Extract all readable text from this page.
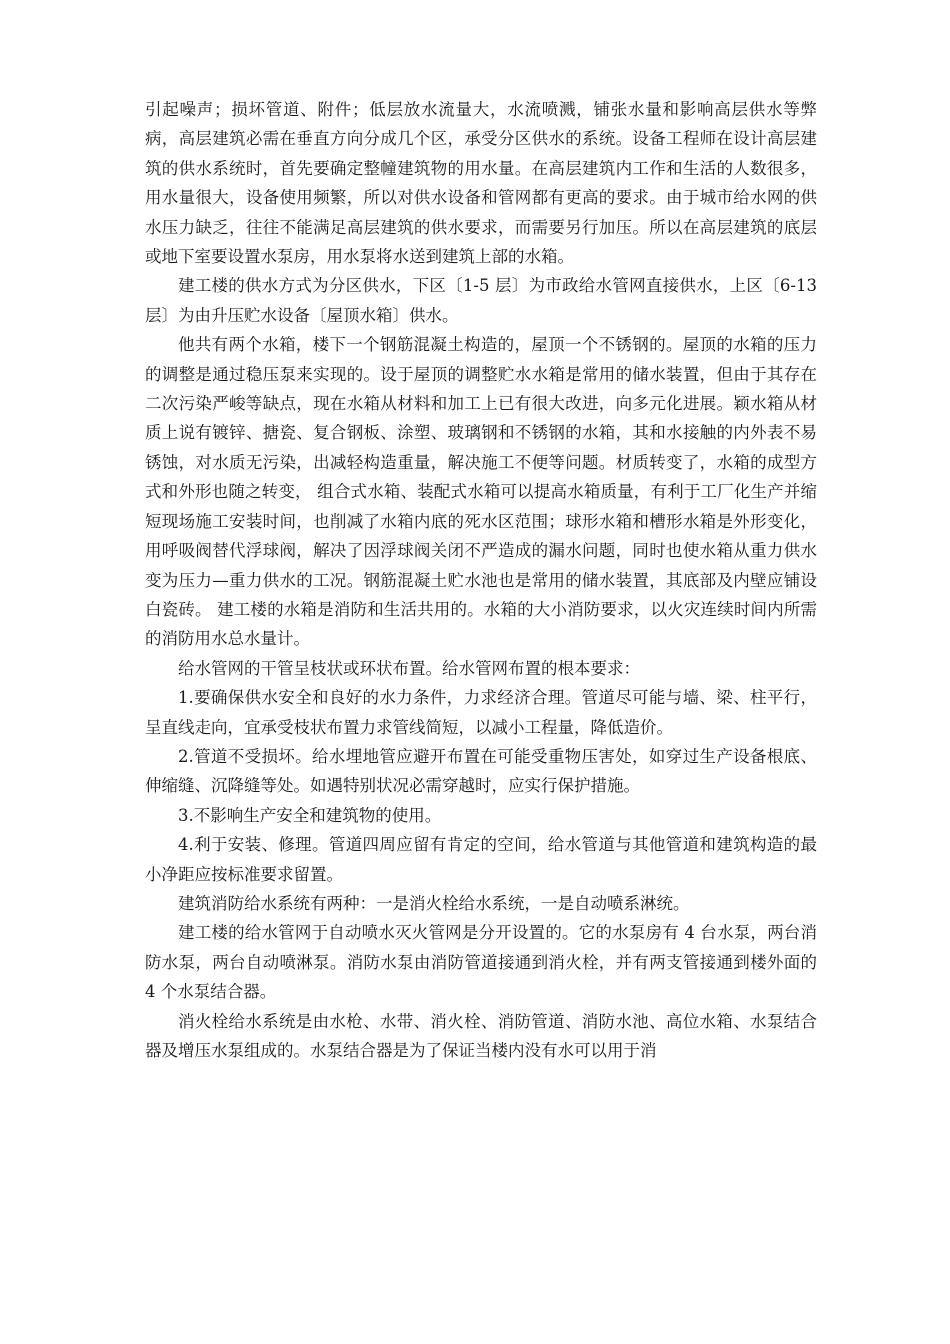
引起噪声；损坏管道、附件；低层放水流量大，水流喷溅，铺张水量和影响高层供水等弊病，高层建筑必需在垂直方向分成几个区，承受分区供水的系统。设备工程师在设计高层建筑的供水系统时，首先要确定整幢建筑物的用水量。在高层建筑内工作和生活的人数很多，用水量很大，设备使用频繁，所以对供水设备和管网都有更高的要求。由于城市给水网的供水压力缺乏，往往不能满足高层建筑的供水要求，而需要另行加压。所以在高层建筑的底层或地下室要设置水泵房，用水泵将水送到建筑上部的水箱。

建工楼的供水方式为分区供水，下区〔1-5 层〕为市政给水管网直接供水，上区〔6-13 层〕为由升压贮水设备〔屋顶水箱〕供水。

他共有两个水箱，楼下一个钢筋混凝土构造的，屋顶一个不锈钢的。屋顶的水箱的压力的调整是通过稳压泵来实现的。设于屋顶的调整贮水水箱是常用的储水装置，但由于其存在二次污染严峻等缺点，现在水箱从材料和加工上已有很大改进，向多元化进展。颖水箱从材质上说有镀锌、搪瓷、复合钢板、涂塑、玻璃钢和不锈钢的水箱，其和水接触的内外表不易锈蚀，对水质无污染，出减轻构造重量，解决施工不便等问题。材质转变了，水箱的成型方式和外形也随之转变， 组合式水箱、装配式水箱可以提高水箱质量，有利于工厂化生产并缩短现场施工安装时间，也削减了水箱内底的死水区范围；球形水箱和槽形水箱是外形变化， 用呼吸阀替代浮球阀，解决了因浮球阀关闭不严造成的漏水问题，同时也使水箱从重力供水变为压力—重力供水的工况。钢筋混凝土贮水池也是常用的储水装置，其底部及内壁应铺设白瓷砖。 建工楼的水箱是消防和生活共用的。水箱的大小消防要求，以火灾连续时间内所需的消防用水总水量计。

给水管网的干管呈枝状或环状布置。给水管网布置的根本要求：

1.要确保供水安全和良好的水力条件，力求经济合理。管道尽可能与墙、梁、柱平行，呈直线走向，宜承受枝状布置力求管线简短，以减小工程量，降低造价。

2.管道不受损坏。给水埋地管应避开布置在可能受重物压害处，如穿过生产设备根底、伸缩缝、沉降缝等处。如遇特别状况必需穿越时，应实行保护措施。

3.不影响生产安全和建筑物的使用。

4.利于安装、修理。管道四周应留有肯定的空间，给水管道与其他管道和建筑构造的最小净距应按标准要求留置。

建筑消防给水系统有两种：一是消火栓给水系统，一是自动喷系淋统。

建工楼的给水管网于自动喷水灭火管网是分开设置的。它的水泵房有 4 台水泵，两台消防水泵，两台自动喷淋泵。消防水泵由消防管道接通到消火栓，并有两支管接通到楼外面的 4 个水泵结合器。

消火栓给水系统是由水枪、水带、消火栓、消防管道、消防水池、高位水箱、水泵结合器及增压水泵组成的。水泵结合器是为了保证当楼内没有水可以用于消
